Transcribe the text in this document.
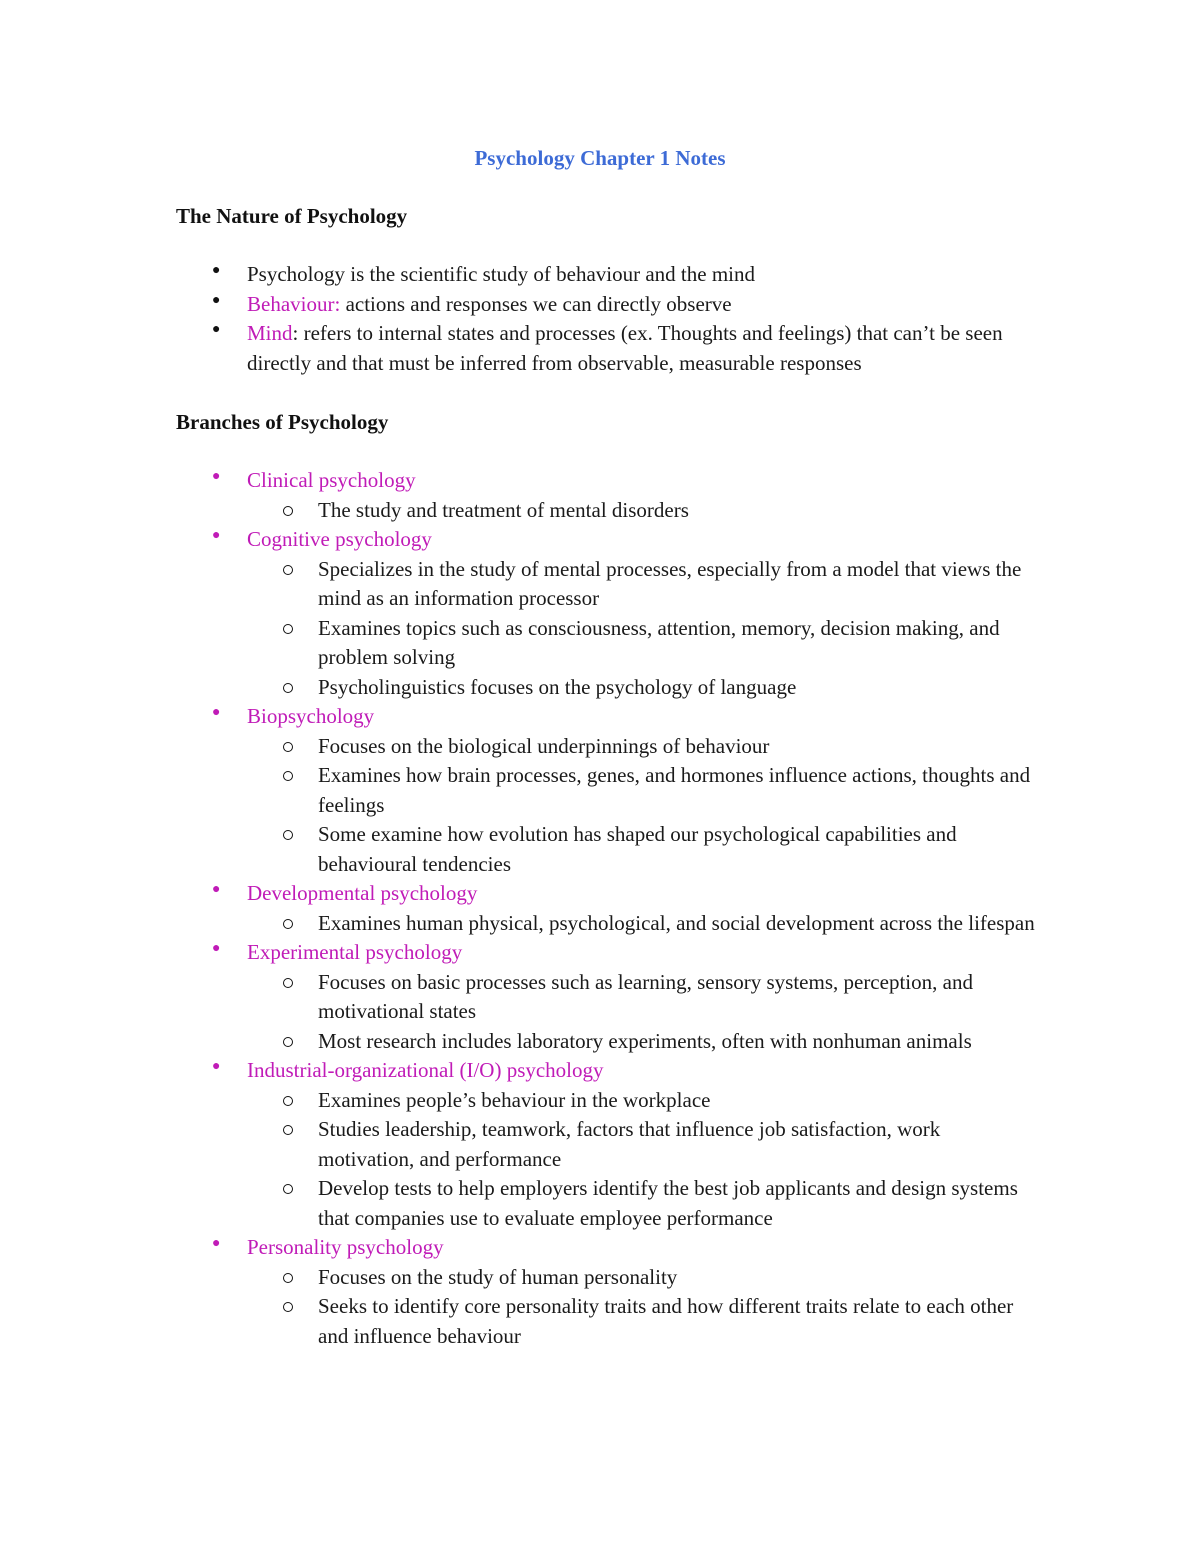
Psychology Chapter 1 Notes
The Nature of Psychology
● Psychology is the scientific study of behaviour and the mind
● Behaviour: actions and responses we can directly observe
● Mind: refers to internal states and processes (ex. Thoughts and feelings) that can’t be seen directly and that must be inferred from observable, measurable responses
Branches of Psychology
● Clinical psychology
The study and treatment of mental disorders
● Cognitive psychology
Specializes in the study of mental processes, especially from a model that views the mind as an information processor
Examines topics such as consciousness, attention, memory, decision making, and problem solving
Psycholinguistics focuses on the psychology of language
● Biopsychology
Focuses on the biological underpinnings of behaviour
Examines how brain processes, genes, and hormones influence actions, thoughts and feelings
Some examine how evolution has shaped our psychological capabilities and behavioural tendencies
● Developmental psychology
Examines human physical, psychological, and social development across the lifespan
● Experimental psychology
Focuses on basic processes such as learning, sensory systems, perception, and motivational states
Most research includes laboratory experiments, often with nonhuman animals
● Industrial-organizational (I/O) psychology
Examines people’s behaviour in the workplace
Studies leadership, teamwork, factors that influence job satisfaction, work motivation, and performance
Develop tests to help employers identify the best job applicants and design systems that companies use to evaluate employee performance
● Personality psychology
Focuses on the study of human personality
Seeks to identify core personality traits and how different traits relate to each other and influence behaviour
